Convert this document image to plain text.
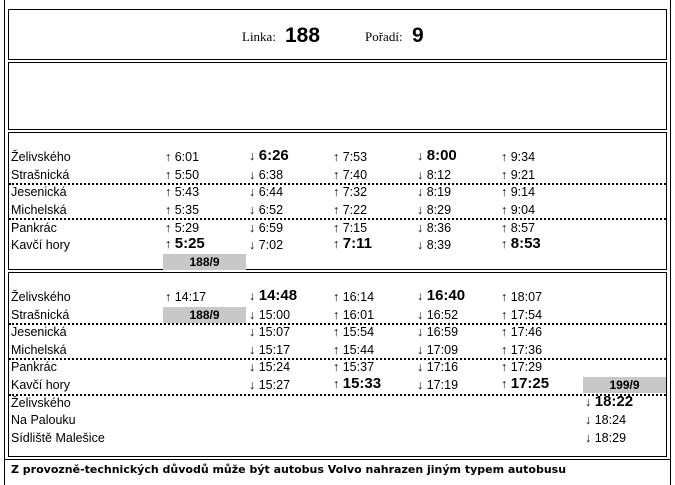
Linka: 188	Pořadí: 9
Želivského
Strašnická
Jesenická
Michelská
Pankrác
Kavčí hory
↑ 6:01
↑ 5:50
↑ 5:43
↑ 5:35
↑ 5:29
↑ 5:25
↓ 6:26
↓ 6:38
↓ 6:44
↓ 6:52
↓ 6:59
↓ 7:02
↑ 7:53
↑ 7:40
↑ 7:32
↑ 7:22
↑ 7:15
↑ 7:11
↓ 8:00
↓ 8:12
↓ 8:19
↓ 8:29
↓ 8:36
↓ 8:39
↑ 9:34
↑ 9:21
↑ 9:14
↑ 9:04
↑ 8:57
↑ 8:53
188/9
Želivského
Strašnická
Jesenická
Michelská
Pankrác
Kavčí hory
Želivského
Na Palouku
Sídliště Malešice
↓ 14:48
↓ 15:00
↓ 15:07
↓ 15:17
↓ 15:24
↓ 15:27
↑ 16:14
↑ 16:01
↑ 15:54
↑ 15:44
↑ 15:37
↑ 15:33
↓ 16:40
↓ 16:52
↓ 16:59
↓ 17:09
↓ 17:16
↓ 17:19
↑ 18:07
↑ 17:54
↑ 17:46
↑ 17:36
↑ 17:29
↑ 17:25
↑ 14:17
188/9
199/9
↓ 18:22
↓ 18:24
↓ 18:29
Z provozně-technických důvodů může být autobus Volvo nahrazen jiným typem autobusu
